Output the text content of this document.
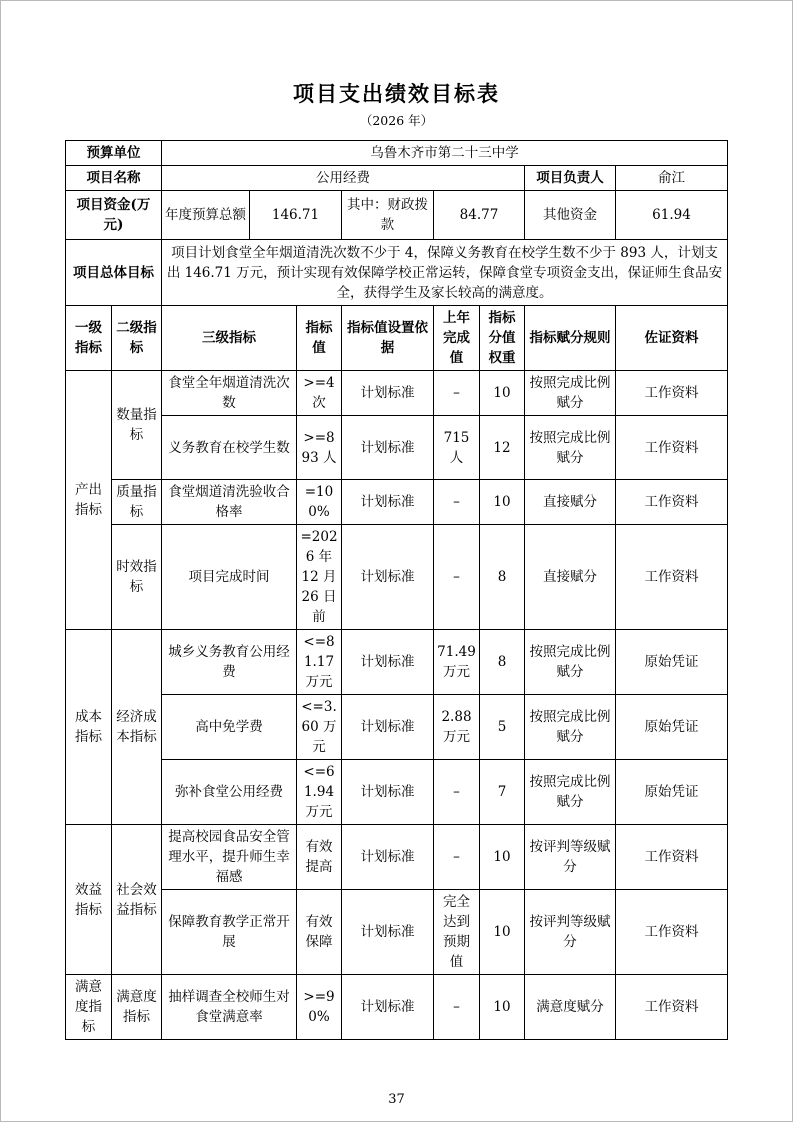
项目支出绩效目标表
（2026 年）
预算单位		乌鲁木齐市第二十三中学							
项目名称		公用经费						项目负责人	俞江
项目资金(万元)		年度预算总额	146.71		其中：财政拨款	84.77		其他资金	61.94
项目总体目标		项目计划食堂全年烟道清洗次数不少于 4，保障义务教育在校学生数不少于 893 人，计划支出 146.71 万元，预计实现有效保障学校正常运转，保障食堂专项资金支出，保证师生食品安全，获得学生及家长较高的满意度。							
一级指标	二级指标	三级指标		指标值	指标值设置依据	上年完成值	指标分值权重	指标赋分规则	佐证资料
产出指标	数量指标	食堂全年烟道清洗次数		>=4 次	计划标准	–	10	按照完成比例赋分	工作资料
		义务教育在校学生数		>=893 人	计划标准	715 人	12	按照完成比例赋分	工作资料
	质量指标	食堂烟道清洗验收合格率		=100%	计划标准	–	10	直接赋分	工作资料
	时效指标	项目完成时间		=2026 年 12 月 26 日前	计划标准	–	8	直接赋分	工作资料
成本指标	经济成本指标	城乡义务教育公用经费		<=81.17 万元	计划标准	71.49 万元	8	按照完成比例赋分	原始凭证
		高中免学费		<=3.60 万元	计划标准	2.88 万元	5	按照完成比例赋分	原始凭证
		弥补食堂公用经费		<=61.94 万元	计划标准	–	7	按照完成比例赋分	原始凭证
效益指标	社会效益指标	提高校园食品安全管理水平，提升师生幸福感		有效提高	计划标准	–	10	按评判等级赋分	工作资料
		保障教育教学正常开展		有效保障	计划标准	完全达到预期值	10	按评判等级赋分	工作资料
满意度指标	满意度指标	抽样调查全校师生对食堂满意率		>=90%	计划标准	–	10	满意度赋分	工作资料
37
